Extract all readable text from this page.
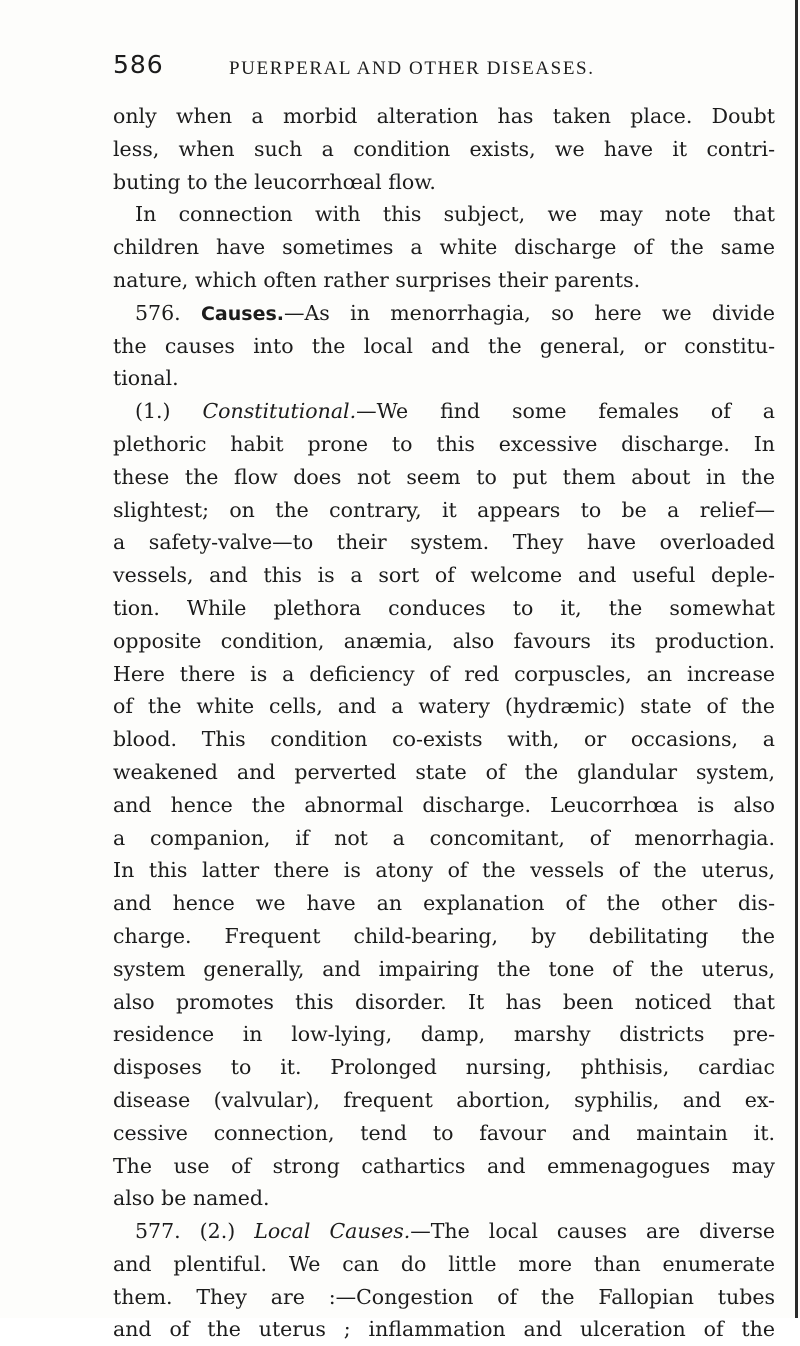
586	PUERPERAL AND OTHER DISEASES.
only when a morbid alteration has taken place. Doubt
less, when such a condition exists, we have it contri-
buting to the leucorrhœal flow.
In connection with this subject, we may note that
children have sometimes a white discharge of the same
nature, which often rather surprises their parents.
576. Causes.—As in menorrhagia, so here we divide
the causes into the local and the general, or constitu-
tional.
(1.) Constitutional.—We find some females of a
plethoric habit prone to this excessive discharge. In
these the flow does not seem to put them about in the
slightest; on the contrary, it appears to be a relief—
a safety-valve—to their system. They have overloaded
vessels, and this is a sort of welcome and useful deple-
tion. While plethora conduces to it, the somewhat
opposite condition, anæmia, also favours its production.
Here there is a deficiency of red corpuscles, an increase
of the white cells, and a watery (hydræmic) state of the
blood. This condition co-exists with, or occasions, a
weakened and perverted state of the glandular system,
and hence the abnormal discharge. Leucorrhœa is also
a companion, if not a concomitant, of menorrhagia.
In this latter there is atony of the vessels of the uterus,
and hence we have an explanation of the other dis-
charge. Frequent child-bearing, by debilitating the
system generally, and impairing the tone of the uterus,
also promotes this disorder. It has been noticed that
residence in low-lying, damp, marshy districts pre-
disposes to it. Prolonged nursing, phthisis, cardiac
disease (valvular), frequent abortion, syphilis, and ex-
cessive connection, tend to favour and maintain it.
The use of strong cathartics and emmenagogues may
also be named.
577. (2.) Local Causes.—The local causes are diverse
and plentiful. We can do little more than enumerate
them. They are :—Congestion of the Fallopian tubes
and of the uterus ; inflammation and ulceration of the
